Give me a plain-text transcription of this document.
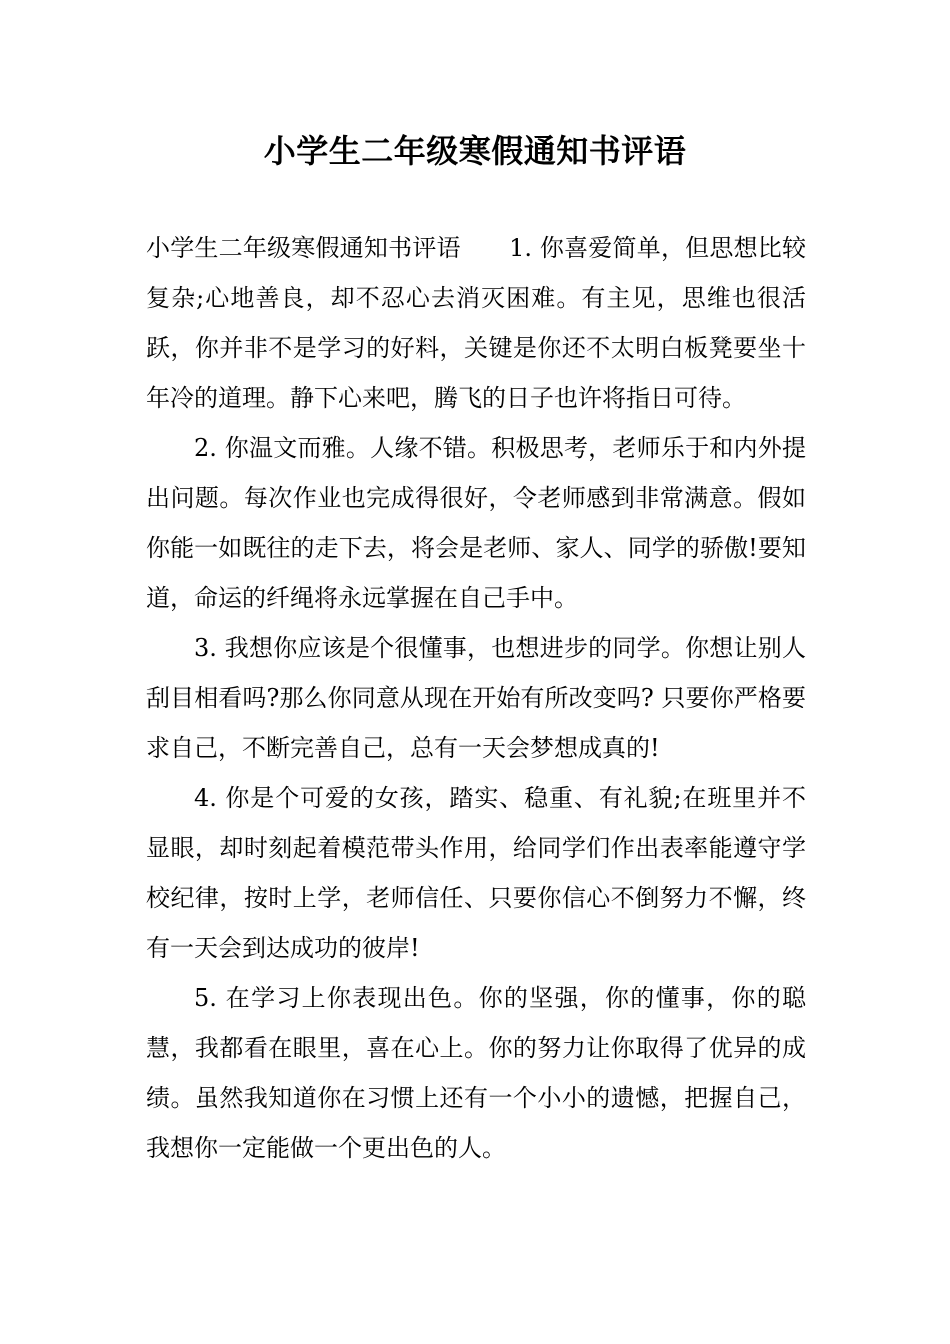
小学生二年级寒假通知书评语

小学生二年级寒假通知书评语　　1. 你喜爱简单，但思想比较复杂;心地善良，却不忍心去消灭困难。有主见，思维也很活跃，你并非不是学习的好料，关键是你还不太明白板凳要坐十年冷的道理。静下心来吧，腾飞的日子也许将指日可待。

2. 你温文而雅。人缘不错。积极思考，老师乐于和内外提出问题。每次作业也完成得很好，令老师感到非常满意。假如你能一如既往的走下去，将会是老师、家人、同学的骄傲!要知道，命运的纤绳将永远掌握在自己手中。

3. 我想你应该是个很懂事，也想进步的同学。你想让别人刮目相看吗?那么你同意从现在开始有所改变吗? 只要你严格要求自己，不断完善自己，总有一天会梦想成真的!

4. 你是个可爱的女孩，踏实、稳重、有礼貌;在班里并不显眼，却时刻起着模范带头作用，给同学们作出表率能遵守学校纪律，按时上学，老师信任、只要你信心不倒努力不懈，终有一天会到达成功的彼岸!

5. 在学习上你表现出色。你的坚强，你的懂事，你的聪慧，我都看在眼里，喜在心上。你的努力让你取得了优异的成绩。虽然我知道你在习惯上还有一个小小的遗憾，把握自己，我想你一定能做一个更出色的人。
